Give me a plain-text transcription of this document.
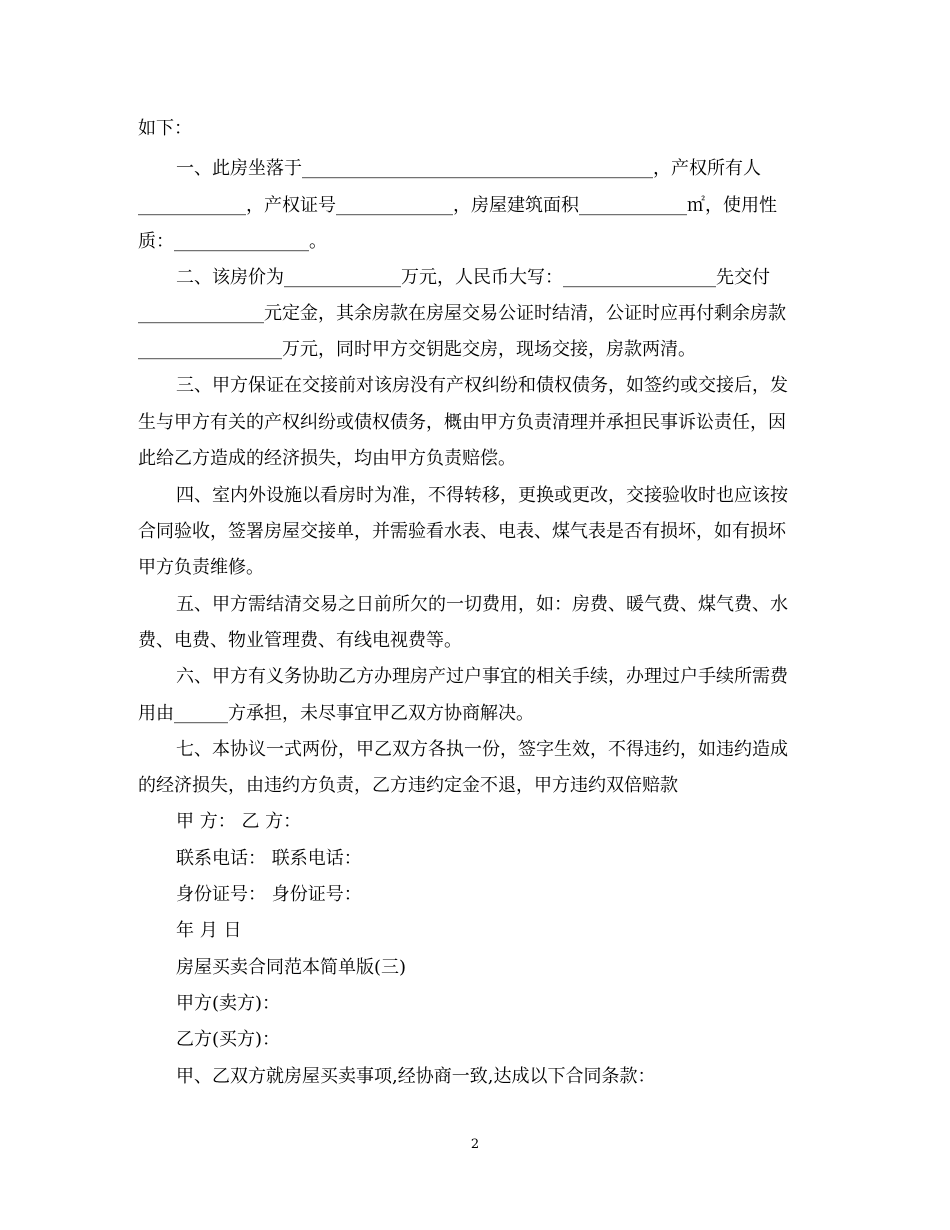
如下：
一、此房坐落于_______________________________________，产权所有人
____________，产权证号_____________，房屋建筑面积____________㎡，使用性
质：_______________。
二、该房价为_____________万元，人民币大写：_________________先交付
______________元定金，其余房款在房屋交易公证时结清，公证时应再付剩余房款
________________万元，同时甲方交钥匙交房，现场交接，房款两清。
三、甲方保证在交接前对该房没有产权纠纷和债权债务，如签约或交接后，发
生与甲方有关的产权纠纷或债权债务，概由甲方负责清理并承担民事诉讼责任，因
此给乙方造成的经济损失，均由甲方负责赔偿。
四、室内外设施以看房时为准，不得转移，更换或更改，交接验收时也应该按
合同验收，签署房屋交接单，并需验看水表、电表、煤气表是否有损坏，如有损坏
甲方负责维修。
五、甲方需结清交易之日前所欠的一切费用，如：房费、暖气费、煤气费、水
费、电费、物业管理费、有线电视费等。
六、甲方有义务协助乙方办理房产过户事宜的相关手续，办理过户手续所需费
用由______方承担，未尽事宜甲乙双方协商解决。
七、本协议一式两份，甲乙双方各执一份，签字生效，不得违约，如违约造成
的经济损失，由违约方负责，乙方违约定金不退，甲方违约双倍赔款
甲 方： 乙 方：
联系电话： 联系电话：
身份证号： 身份证号：
年 月 日
房屋买卖合同范本简单版(三)
甲方(卖方)：
乙方(买方)：
甲、乙双方就房屋买卖事项,经协商一致,达成以下合同条款：
2
